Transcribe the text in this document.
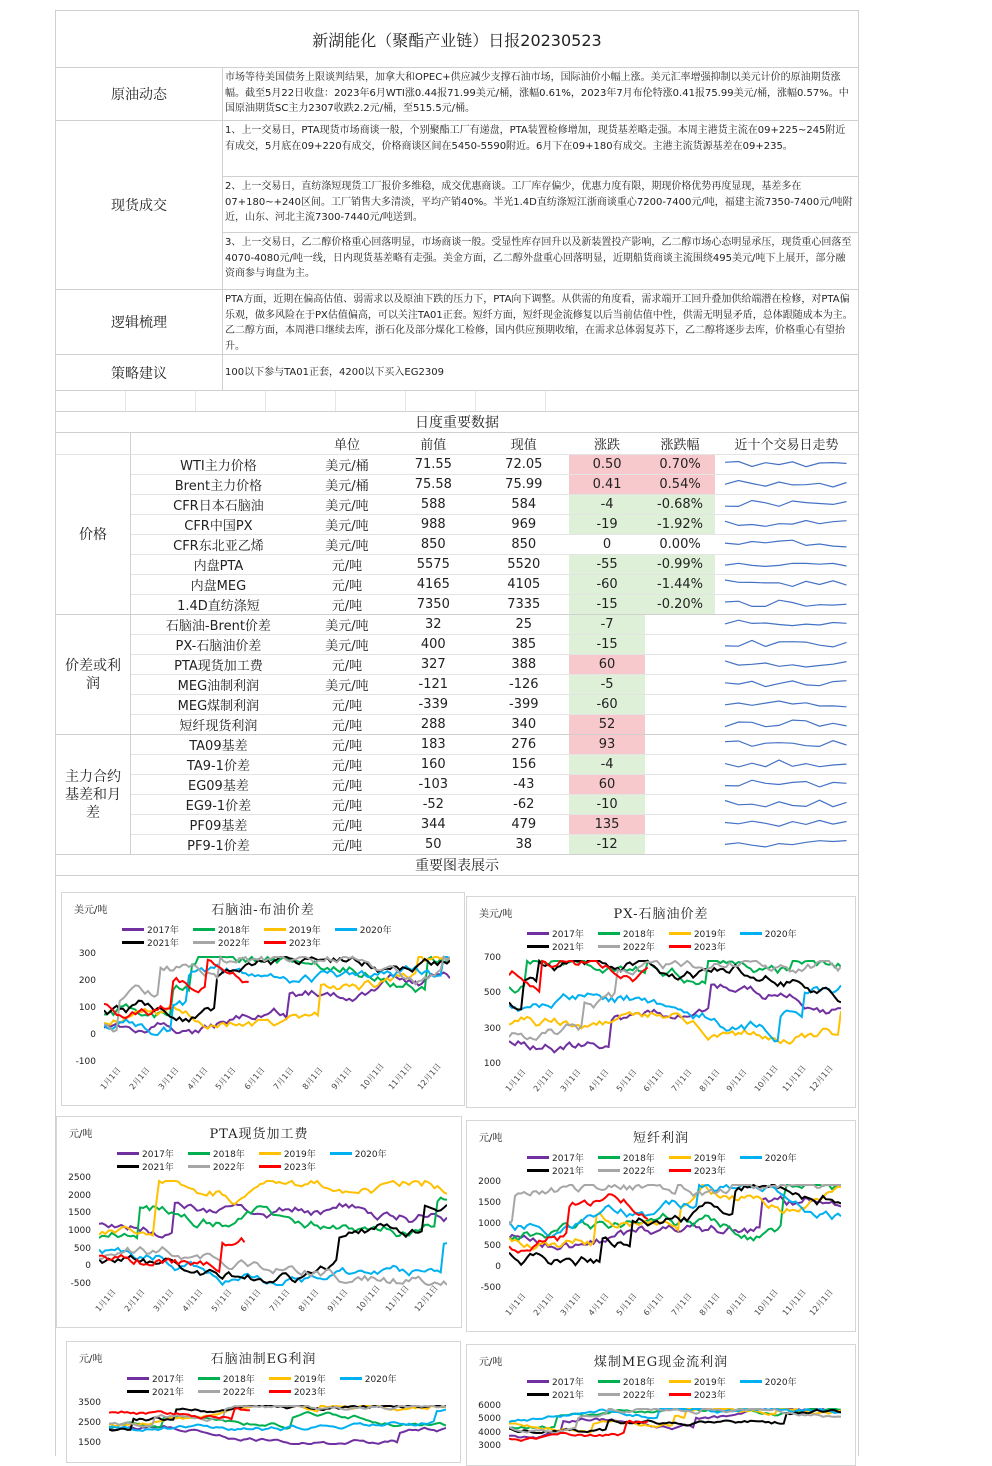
新湖能化（聚酯产业链）日报20230523
原油动态
市场等待美国债务上限谈判结果，加拿大和OPEC+供应减少支撑石油市场，国际油价小幅上涨。美元汇率增强抑制以美元计价的原油期货涨幅。截至5月22日收盘：2023年6月WTI涨0.44报71.99美元/桶，涨幅0.61%，2023年7月布伦特涨0.41报75.99美元/桶，涨幅0.57%。中国原油期货SC主力2307收跌2.2元/桶，至515.5元/桶。
现货成交
1、上一交易日，PTA现货市场商谈一般，个别聚酯工厂有递盘，PTA装置检修增加，现货基差略走强。本周主港货主流在09+225~245附近有成交，5月底在09+220有成交，价格商谈区间在5450-5590附近。6月下在09+180有成交。主港主流货源基差在09+235。
2、上一交易日，直纺涤短现货工厂报价多维稳，成交优惠商谈。工厂库存偏少，优惠力度有限，期现价格优势再度显现，基差多在07+180~+240区间。工厂销售大多清淡，平均产销40%。半光1.4D直纺涤短江浙商谈重心7200-7400元/吨，福建主流7350-7400元/吨附近，山东、河北主流7300-7440元/吨送到。
3、上一交易日，乙二醇价格重心回落明显，市场商谈一般。受显性库存回升以及新装置投产影响，乙二醇市场心态明显承压，现货重心回落至4070-4080元/吨一线，日内现货基差略有走强。美金方面，乙二醇外盘重心回落明显，近期船货商谈主流围绕495美元/吨下上展开，部分融资商参与询盘为主。
逻辑梳理
PTA方面，近期在偏高估值、弱需求以及原油下跌的压力下，PTA向下调整。从供需的角度看，需求端开工回升叠加供给端潜在检修，对PTA偏乐观，做多风险在于PX估值偏高，可以关注TA01正套。短纤方面，短纤现金流修复以后当前估值中性，供需无明显矛盾，总体跟随成本为主。乙二醇方面，本周港口继续去库，浙石化及部分煤化工检修，国内供应预期收缩，在需求总体弱复苏下，乙二醇将逐步去库，价格重心有望抬升。
策略建议	100以下参与TA01正套，4200以下买入EG2309
日度重要数据
		单位	前值	现值	涨跌	涨跌幅	近十个交易日走势
价格	WTI主力价格	美元/桶	71.55	72.05	0.50	0.70%	
	Brent主力价格	美元/桶	75.58	75.99	0.41	0.54%	
	CFR日本石脑油	美元/吨	588	584	-4	-0.68%	
	CFR中国PX	美元/吨	988	969	-19	-1.92%	
	CFR东北亚乙烯	美元/吨	850	850	0	0.00%	
	内盘PTA	元/吨	5575	5520	-55	-0.99%	
	内盘MEG	元/吨	4165	4105	-60	-1.44%	
	1.4D直纺涤短	元/吨	7350	7335	-15	-0.20%	
价差或利润	石脑油-Brent价差	美元/吨	32	25	-7		
	PX-石脑油价差	美元/吨	400	385	-15		
	PTA现货加工费	元/吨	327	388	60		
	MEG油制利润	美元/吨	-121	-126	-5		
	MEG煤制利润	元/吨	-339	-399	-60		
	短纤现货利润	元/吨	288	340	52		
主力合约基差和月差	TA09基差	元/吨	183	276	93		
	TA9-1价差	元/吨	160	156	-4		
	EG09基差	元/吨	-103	-43	60		
	EG9-1价差	元/吨	-52	-62	-10		
	PF09基差	元/吨	344	479	135		
	PF9-1价差	元/吨	50	38	-12		
重要图表展示
石脑油-布油价差
美元/吨
2017年	2018年	2019年	2020年
2021年	2022年	2023年
300
200
100
0
-100
1月1日 2月1日 3月1日 4月1日 5月1日 6月1日 7月1日 8月1日 9月1日 10月1日 11月1日 12月1日
PX-石脑油价差
美元/吨
2017年	2018年	2019年	2020年
2021年	2022年	2023年
700
500
300
100
1月1日 2月1日 3月1日 4月1日 5月1日 6月1日 7月1日 8月1日 9月1日 10月1日 11月1日 12月1日
PTA现货加工费
元/吨
2017年	2018年	2019年	2020年
2021年	2022年	2023年
2500
2000
1500
1000
500
0
-500
1月1日 2月1日 3月1日 4月1日 5月1日 6月1日 7月1日 8月1日 9月1日 10月1日 11月1日 12月1日
短纤利润
元/吨
2017年	2018年	2019年	2020年
2021年	2022年	2023年
2000
1500
1000
500
0
-500
1月1日 2月1日 3月1日 4月1日 5月1日 6月1日 7月1日 8月1日 9月1日 10月1日 11月1日 12月1日
石脑油制EG利润
元/吨
2017年	2018年	2019年	2020年
2021年	2022年	2023年
3500
2500
1500
煤制MEG现金流利润
元/吨
2017年	2018年	2019年	2020年
2021年	2022年	2023年
6000
5000
4000
3000
